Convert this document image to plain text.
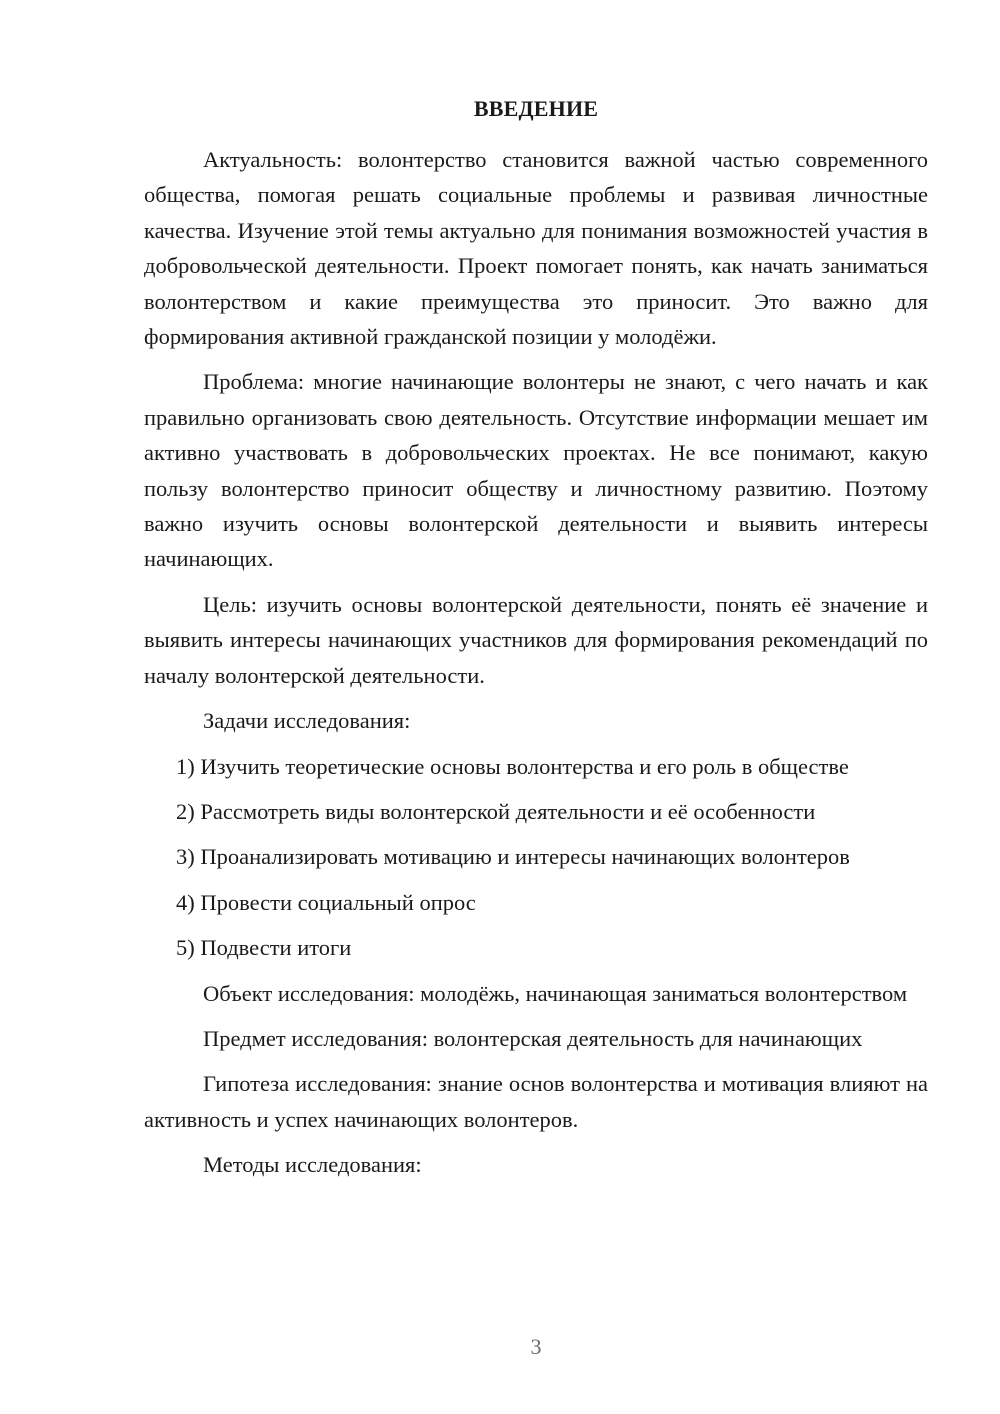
ВВЕДЕНИЕ

Актуальность: волонтерство становится важной частью современного общества, помогая решать социальные проблемы и развивая личностные качества. Изучение этой темы актуально для понимания возможностей участия в добровольческой деятельности. Проект помогает понять, как начать заниматься волонтерством и какие преимущества это приносит. Это важно для формирования активной гражданской позиции у молодёжи.

Проблема: многие начинающие волонтеры не знают, с чего начать и как правильно организовать свою деятельность. Отсутствие информации мешает им активно участвовать в добровольческих проектах. Не все понимают, какую пользу волонтерство приносит обществу и личностному развитию. Поэтому важно изучить основы волонтерской деятельности и выявить интересы начинающих.

Цель: изучить основы волонтерской деятельности, понять её значение и выявить интересы начинающих участников для формирования рекомендаций по началу волонтерской деятельности.

Задачи исследования:

1) Изучить теоретические основы волонтерства и его роль в обществе
2) Рассмотреть виды волонтерской деятельности и её особенности
3) Проанализировать мотивацию и интересы начинающих волонтеров
4) Провести социальный опрос
5) Подвести итоги

Объект исследования: молодёжь, начинающая заниматься волонтерством

Предмет исследования: волонтерская деятельность для начинающих

Гипотеза исследования: знание основ волонтерства и мотивация влияют на активность и успех начинающих волонтеров.

Методы исследования:

3
